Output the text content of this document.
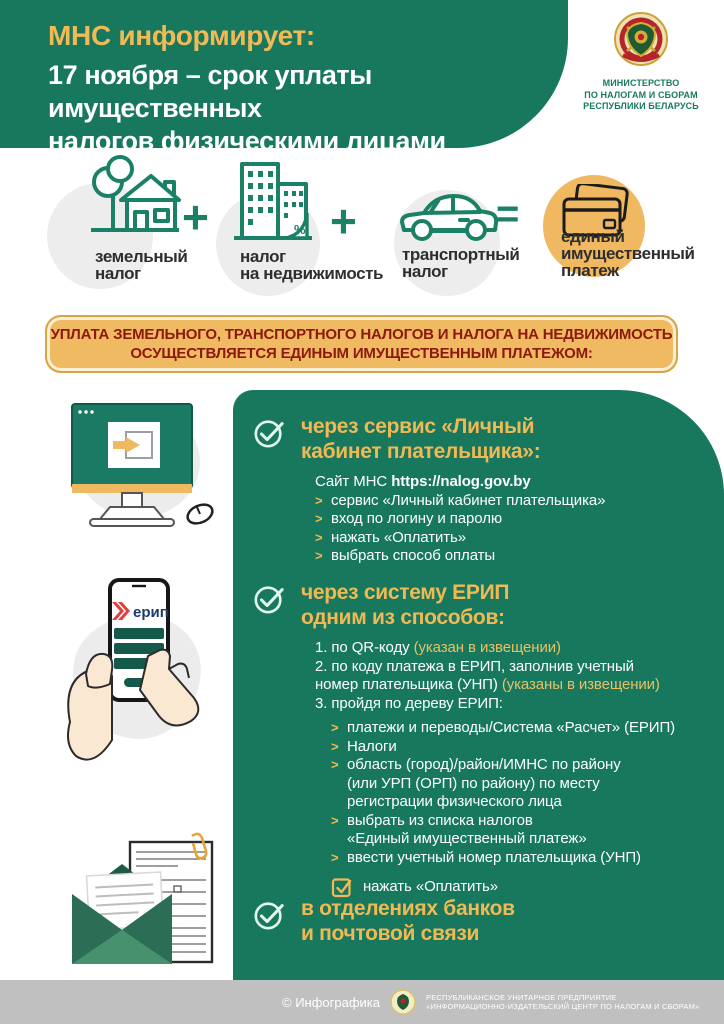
МНС информирует:
17 ноября – срок уплаты имущественных
налогов физическими лицами
МИНИСТЕРСТВО
ПО НАЛОГАМ И СБОРАМ
РЕСПУБЛИКИ БЕЛАРУСЬ
%
земельный
налог
налог
на недвижимость
транспортный
налог
единый
имущественный
платеж
+	+	=
УПЛАТА ЗЕМЕЛЬНОГО, ТРАНСПОРТНОГО НАЛОГОВ И НАЛОГА НА НЕДВИЖИМОСТЬ
ОСУЩЕСТВЛЯЕТСЯ ЕДИНЫМ ИМУЩЕСТВЕННЫМ ПЛАТЕЖОМ:
ерип
через сервис «Личный
кабинет плательщика»:
Сайт МНС https://nalog.gov.by
> сервис «Личный кабинет плательщика»
> вход по логину и паролю
> нажать «Оплатить»
> выбрать способ оплаты
через систему ЕРИП
одним из способов:
1. по QR-коду (указан в извещении)
2. по коду платежа в ЕРИП, заполнив учетный
номер плательщика (УНП) (указаны в извещении)
3. пройдя по дереву ЕРИП:
> платежи и переводы/Система «Расчет» (ЕРИП)
> Налоги
> область (город)/район/ИМНС по району
(или УРП (ОРП) по району) по месту
регистрации физического лица
> выбрать из списка налогов
«Единый имущественный платеж»
> ввести учетный номер плательщика (УНП)
нажать «Оплатить»
в отделениях банков
и почтовой связи
© Инфографика	РЕСПУБЛИКАНСКОЕ УНИТАРНОЕ ПРЕДПРИЯТИЕ
«ИНФОРМАЦИОННО-ИЗДАТЕЛЬСКИЙ ЦЕНТР ПО НАЛОГАМ И СБОРАМ»
